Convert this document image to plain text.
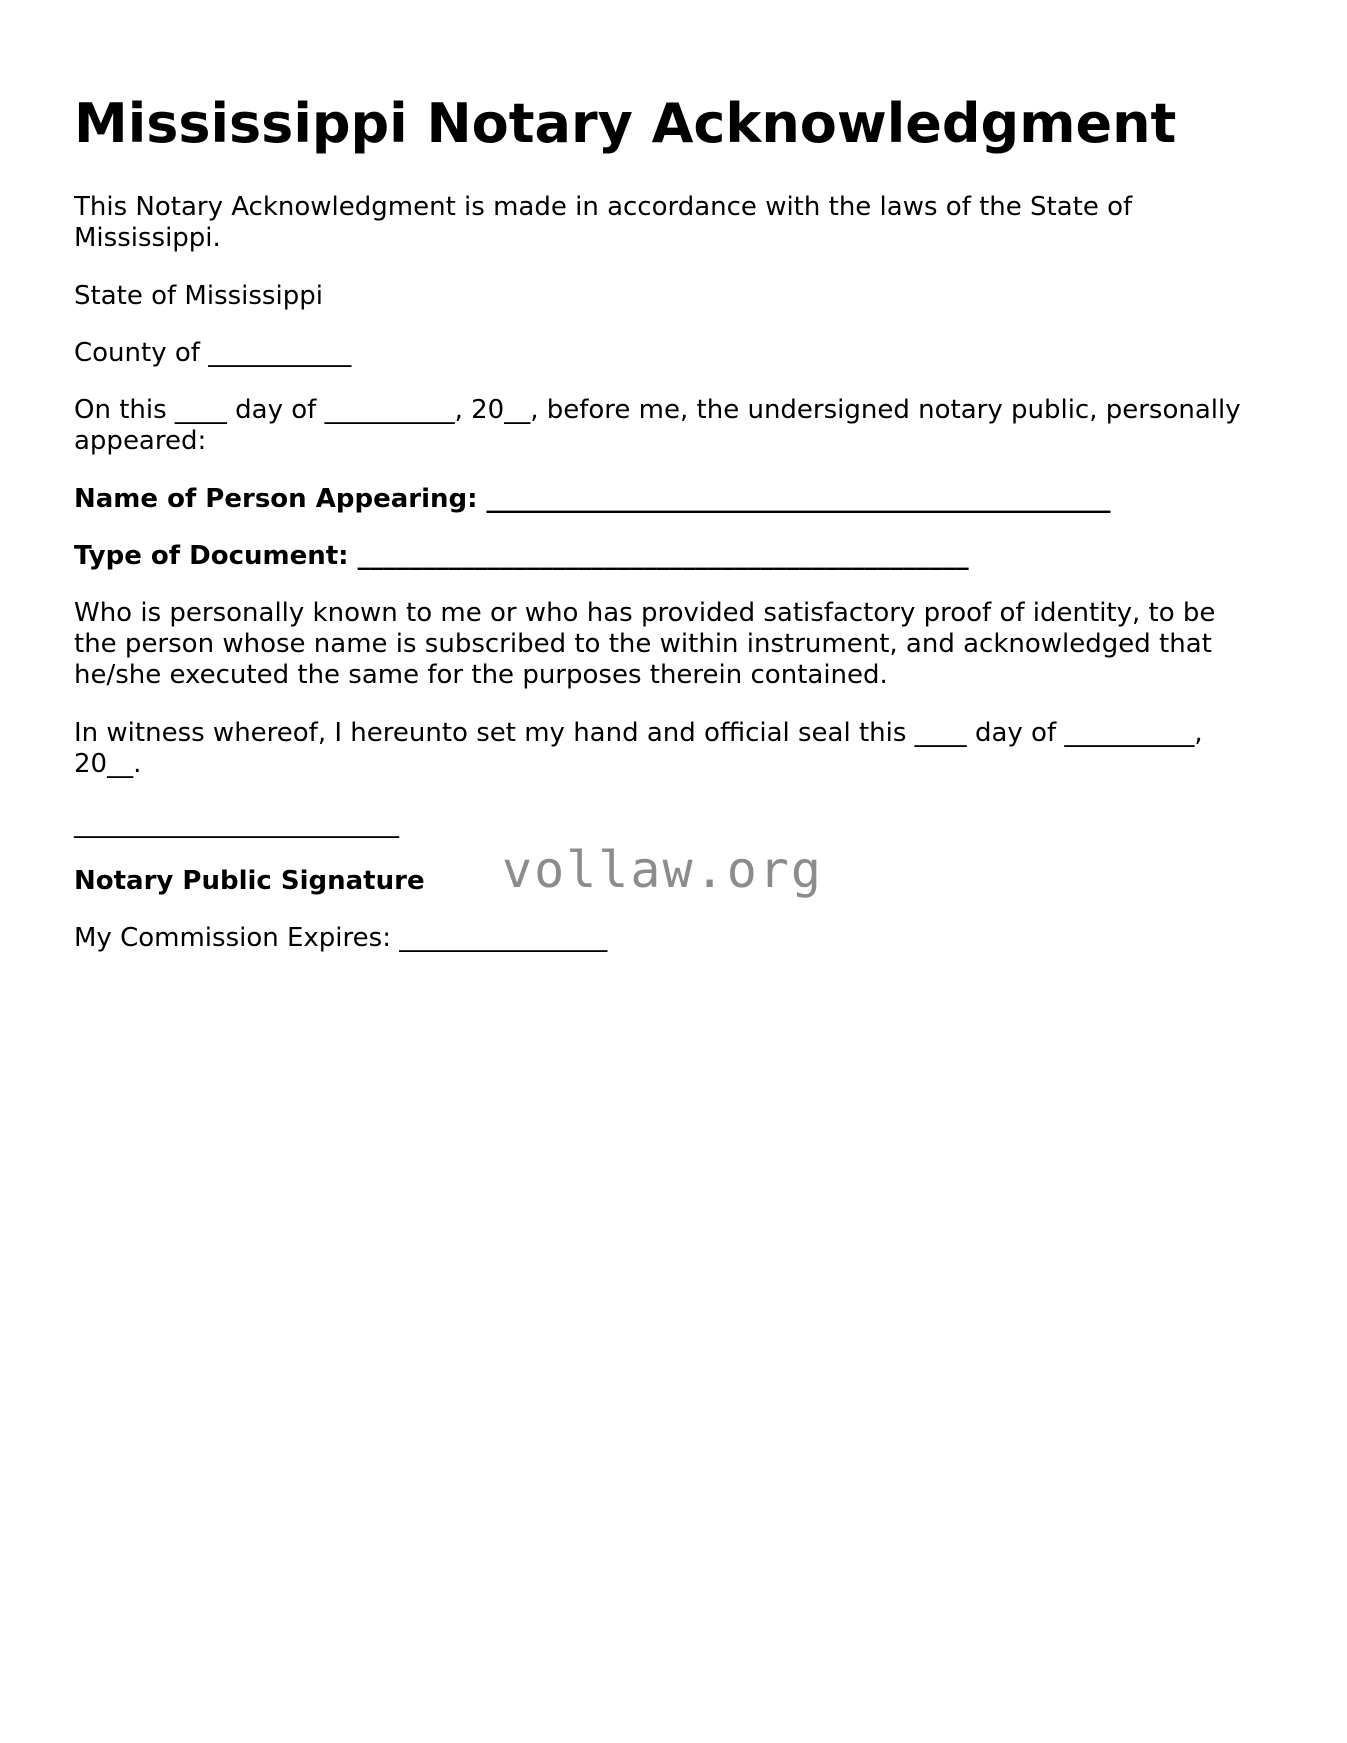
Mississippi Notary Acknowledgment

This Notary Acknowledgment is made in accordance with the laws of the State of Mississippi.

State of Mississippi

County of ___________

On this ____ day of __________, 20__, before me, the undersigned notary public, personally appeared:

Name of Person Appearing: ________________________________________________

Type of Document: _______________________________________________

Who is personally known to me or who has provided satisfactory proof of identity, to be the person whose name is subscribed to the within instrument, and acknowledged that he/she executed the same for the purposes therein contained.

In witness whereof, I hereunto set my hand and official seal this ____ day of __________, 20__.

_________________________

Notary Public Signature

My Commission Expires: ________________

vollaw.org
